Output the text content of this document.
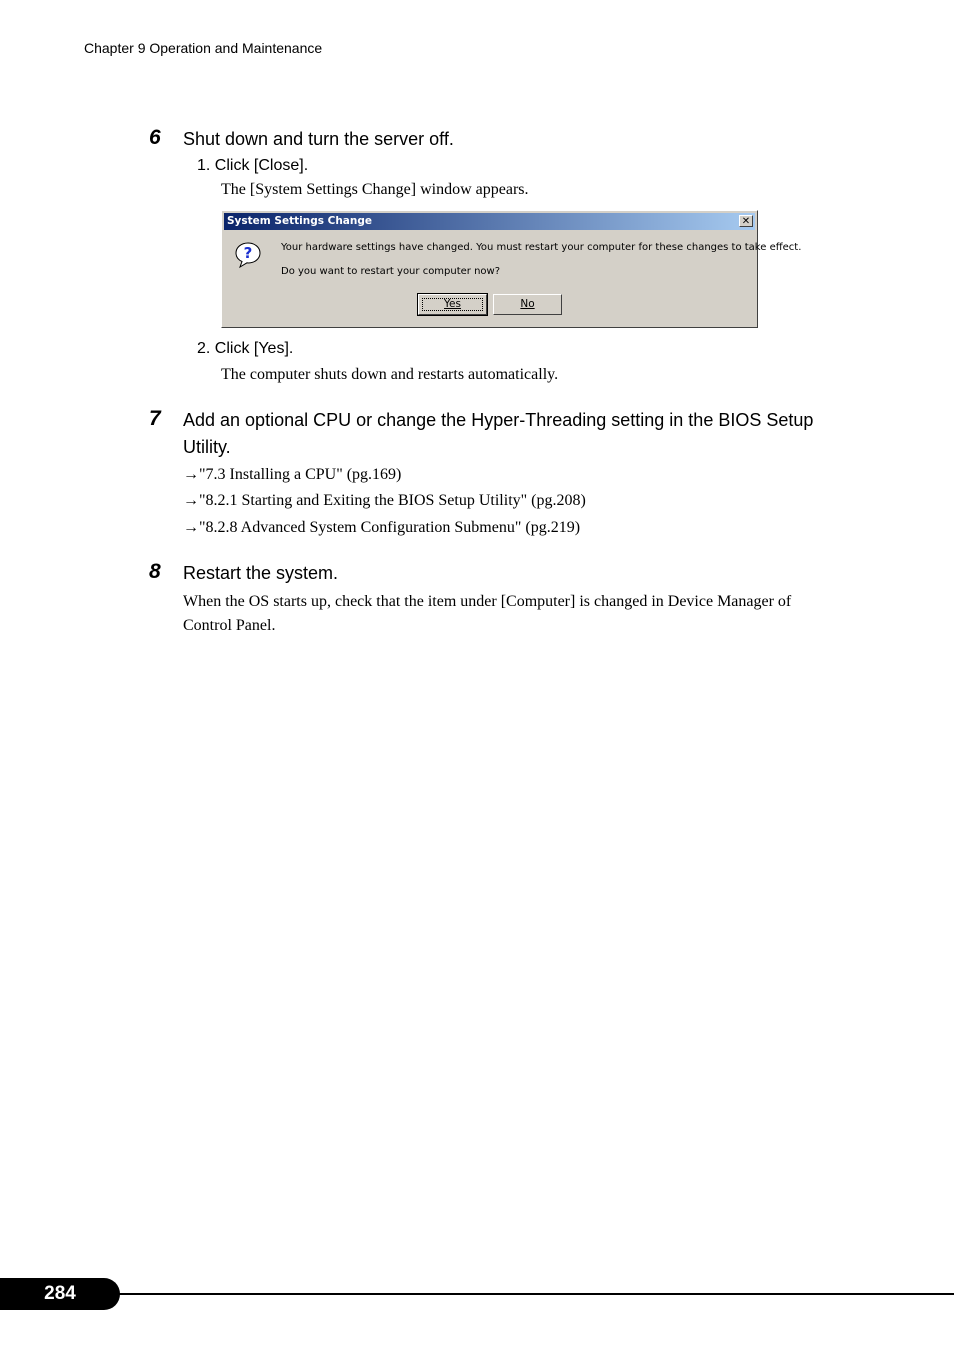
Chapter 9 Operation and Maintenance
6 Shut down and turn the server off.
1. Click [Close].
The [System Settings Change] window appears.
System Settings Change	✕
?	Your hardware settings have changed. You must restart your computer for these changes to take effect.
Do you want to restart your computer now?
Yes	No
2. Click [Yes].
The computer shuts down and restarts automatically.
7 Add an optional CPU or change the Hyper-Threading setting in the BIOS Setup
Utility.
→"7.3 Installing a CPU" (pg.169)
→"8.2.1 Starting and Exiting the BIOS Setup Utility" (pg.208)
→"8.2.8 Advanced System Configuration Submenu" (pg.219)
8 Restart the system.
When the OS starts up, check that the item under [Computer] is changed in Device Manager of
Control Panel.
284
